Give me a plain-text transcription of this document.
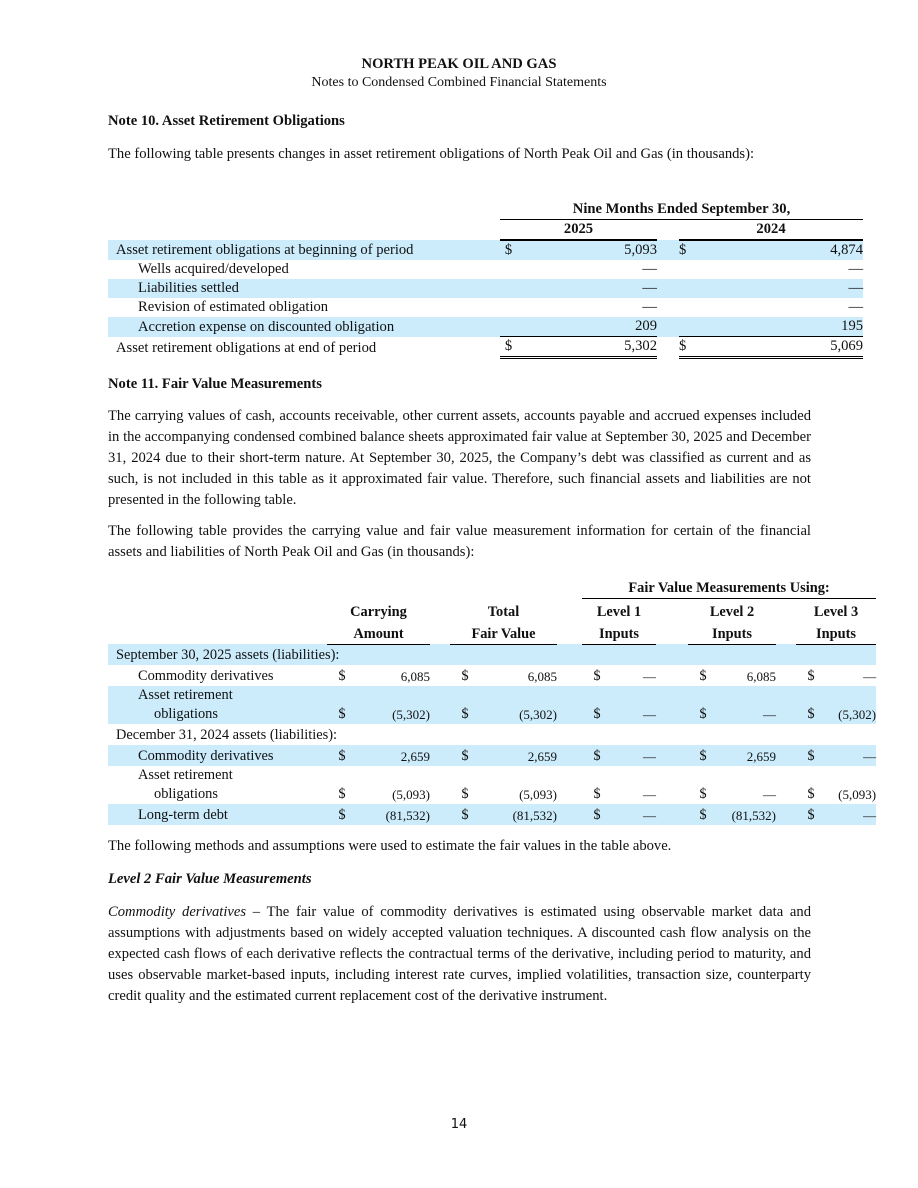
NORTH PEAK OIL AND GAS
Notes to Condensed Combined Financial Statements
Note 10. Asset Retirement Obligations
The following table presents changes in asset retirement obligations of North Peak Oil and Gas (in thousands):
	Nine Months Ended September 30,				
	2025			2024	
Asset retirement obligations at beginning of period	$	5,093		$	4,874
Wells acquired/developed		—			—
Liabilities settled		—			—
Revision of estimated obligation		—			—
Accretion expense on discounted obligation		209			195
Asset retirement obligations at end of period	$	5,302		$	5,069
Note 11. Fair Value Measurements
The carrying values of cash, accounts receivable, other current assets, accounts payable and accrued expenses included in the accompanying condensed combined balance sheets approximated fair value at September 30, 2025 and December 31, 2024 due to their short-term nature. At September 30, 2025, the Company’s debt was classified as current and as such, is not included in this table as it approximated fair value. Therefore, such financial assets and liabilities are not presented in the following table.
The following table provides the carrying value and fair value measurement information for certain of the financial assets and liabilities of North Peak Oil and Gas (in thousands):
							Fair Value Measurements Using:							
	Carrying			Total			Level 1			Level 2			Level 3	
	Amount			Fair Value			Inputs			Inputs			Inputs	
September 30, 2025 assets (liabilities):														
Commodity derivatives	$	6,085		$	6,085		$	—		$	6,085		$	—

Asset retirement
obligations	$	(5,302)		$	(5,302)		$	—		$	—		$	(5,302)
December 31, 2024 assets (liabilities):														
Commodity derivatives	$	2,659		$	2,659		$	—		$	2,659		$	—

Asset retirement
obligations	$	(5,093)		$	(5,093)		$	—		$	—		$	(5,093)
Long-term debt	$	(81,532)		$	(81,532)		$	—		$	(81,532)		$	—
The following methods and assumptions were used to estimate the fair values in the table above.
Level 2 Fair Value Measurements
Commodity derivatives – The fair value of commodity derivatives is estimated using observable market data and assumptions with adjustments based on widely accepted valuation techniques. A discounted cash flow analysis on the expected cash flows of each derivative reflects the contractual terms of the derivative, including period to maturity, and uses observable market-based inputs, including interest rate curves, implied volatilities, transaction size, counterparty credit quality and the estimated current replacement cost of the derivative instrument.
14
